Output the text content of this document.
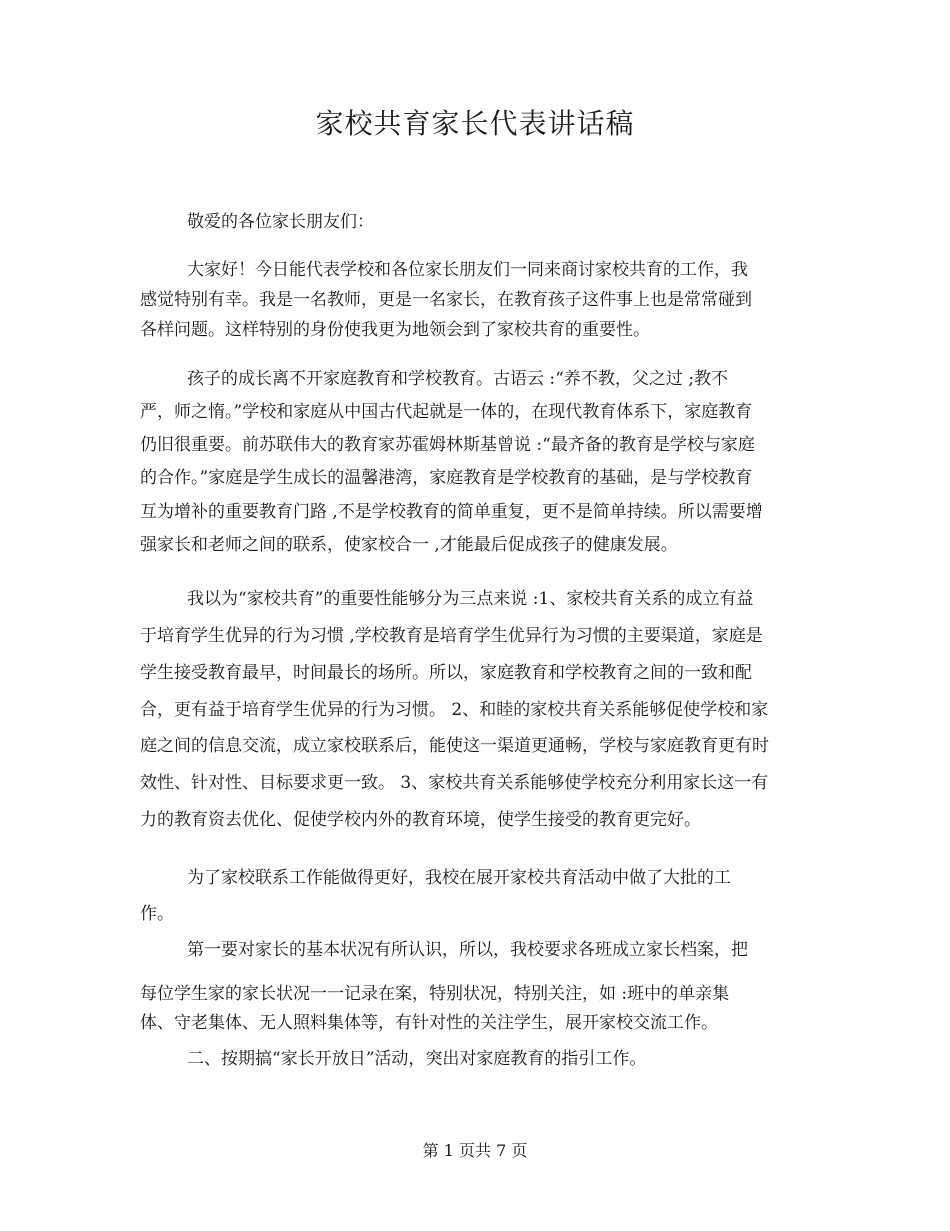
家校共育家长代表讲话稿
敬爱的各位家长朋友们：
大家好！今日能代表学校和各位家长朋友们一同来商讨家校共育的工作，我
感觉特别有幸。我是一名教师，更是一名家长，在教育孩子这件事上也是常常碰到
各样问题。这样特别的身份使我更为地领会到了家校共育的重要性。
孩子的成长离不开家庭教育和学校教育。古语云 :“养不教，父之过 ;教不
严，师之惰。”学校和家庭从中国古代起就是一体的，在现代教育体系下，家庭教育
仍旧很重要。前苏联伟大的教育家苏霍姆林斯基曾说 :“最齐备的教育是学校与家庭
的合作。”家庭是学生成长的温馨港湾，家庭教育是学校教育的基础，是与学校教育
互为增补的重要教育门路 ,不是学校教育的简单重复，更不是简单持续。所以需要增
强家长和老师之间的联系，使家校合一 ,才能最后促成孩子的健康发展。
我以为“家校共育”的重要性能够分为三点来说 :1、家校共育关系的成立有益
于培育学生优异的行为习惯 ,学校教育是培育学生优异行为习惯的主要渠道，家庭是
学生接受教育最早，时间最长的场所。所以，家庭教育和学校教育之间的一致和配
合，更有益于培育学生优异的行为习惯。 2、和睦的家校共育关系能够促使学校和家
庭之间的信息交流，成立家校联系后，能使这一渠道更通畅，学校与家庭教育更有时
效性、针对性、目标要求更一致。 3、家校共育关系能够使学校充分利用家长这一有
力的教育资去优化、促使学校内外的教育环境，使学生接受的教育更完好。
为了家校联系工作能做得更好，我校在展开家校共育活动中做了大批的工
作。
第一要对家长的基本状况有所认识，所以，我校要求各班成立家长档案，把
每位学生家的家长状况一一记录在案，特别状况，特别关注，如 :班中的单亲集
体、守老集体、无人照料集体等，有针对性的关注学生，展开家校交流工作。
二、按期搞“家长开放日”活动，突出对家庭教育的指引工作。
第 1 页共 7 页
